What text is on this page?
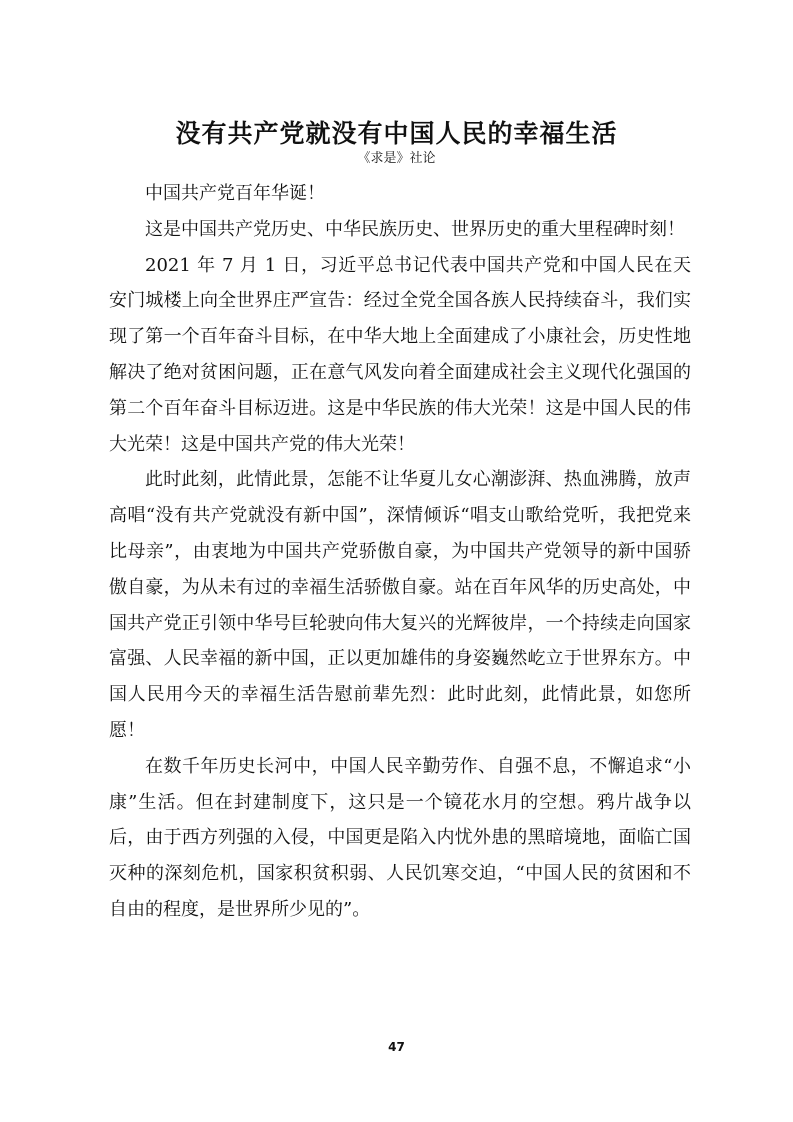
没有共产党就没有中国人民的幸福生活
《求是》社论

中国共产党百年华诞！

这是中国共产党历史、中华民族历史、世界历史的重大里程碑时刻！

2021 年 7 月 1 日，习近平总书记代表中国共产党和中国人民在天安门城楼上向全世界庄严宣告：经过全党全国各族人民持续奋斗，我们实现了第一个百年奋斗目标，在中华大地上全面建成了小康社会，历史性地解决了绝对贫困问题，正在意气风发向着全面建成社会主义现代化强国的第二个百年奋斗目标迈进。这是中华民族的伟大光荣！这是中国人民的伟大光荣！这是中国共产党的伟大光荣！

此时此刻，此情此景，怎能不让华夏儿女心潮澎湃、热血沸腾，放声高唱“没有共产党就没有新中国”，深情倾诉“唱支山歌给党听，我把党来比母亲”，由衷地为中国共产党骄傲自豪，为中国共产党领导的新中国骄傲自豪，为从未有过的幸福生活骄傲自豪。站在百年风华的历史高处，中国共产党正引领中华号巨轮驶向伟大复兴的光辉彼岸，一个持续走向国家富强、人民幸福的新中国，正以更加雄伟的身姿巍然屹立于世界东方。中国人民用今天的幸福生活告慰前辈先烈：此时此刻，此情此景，如您所愿！

在数千年历史长河中，中国人民辛勤劳作、自强不息，不懈追求“小康”生活。但在封建制度下，这只是一个镜花水月的空想。鸦片战争以后，由于西方列强的入侵，中国更是陷入内忧外患的黑暗境地，面临亡国灭种的深刻危机，国家积贫积弱、人民饥寒交迫，“中国人民的贫困和不自由的程度，是世界所少见的”。

47
